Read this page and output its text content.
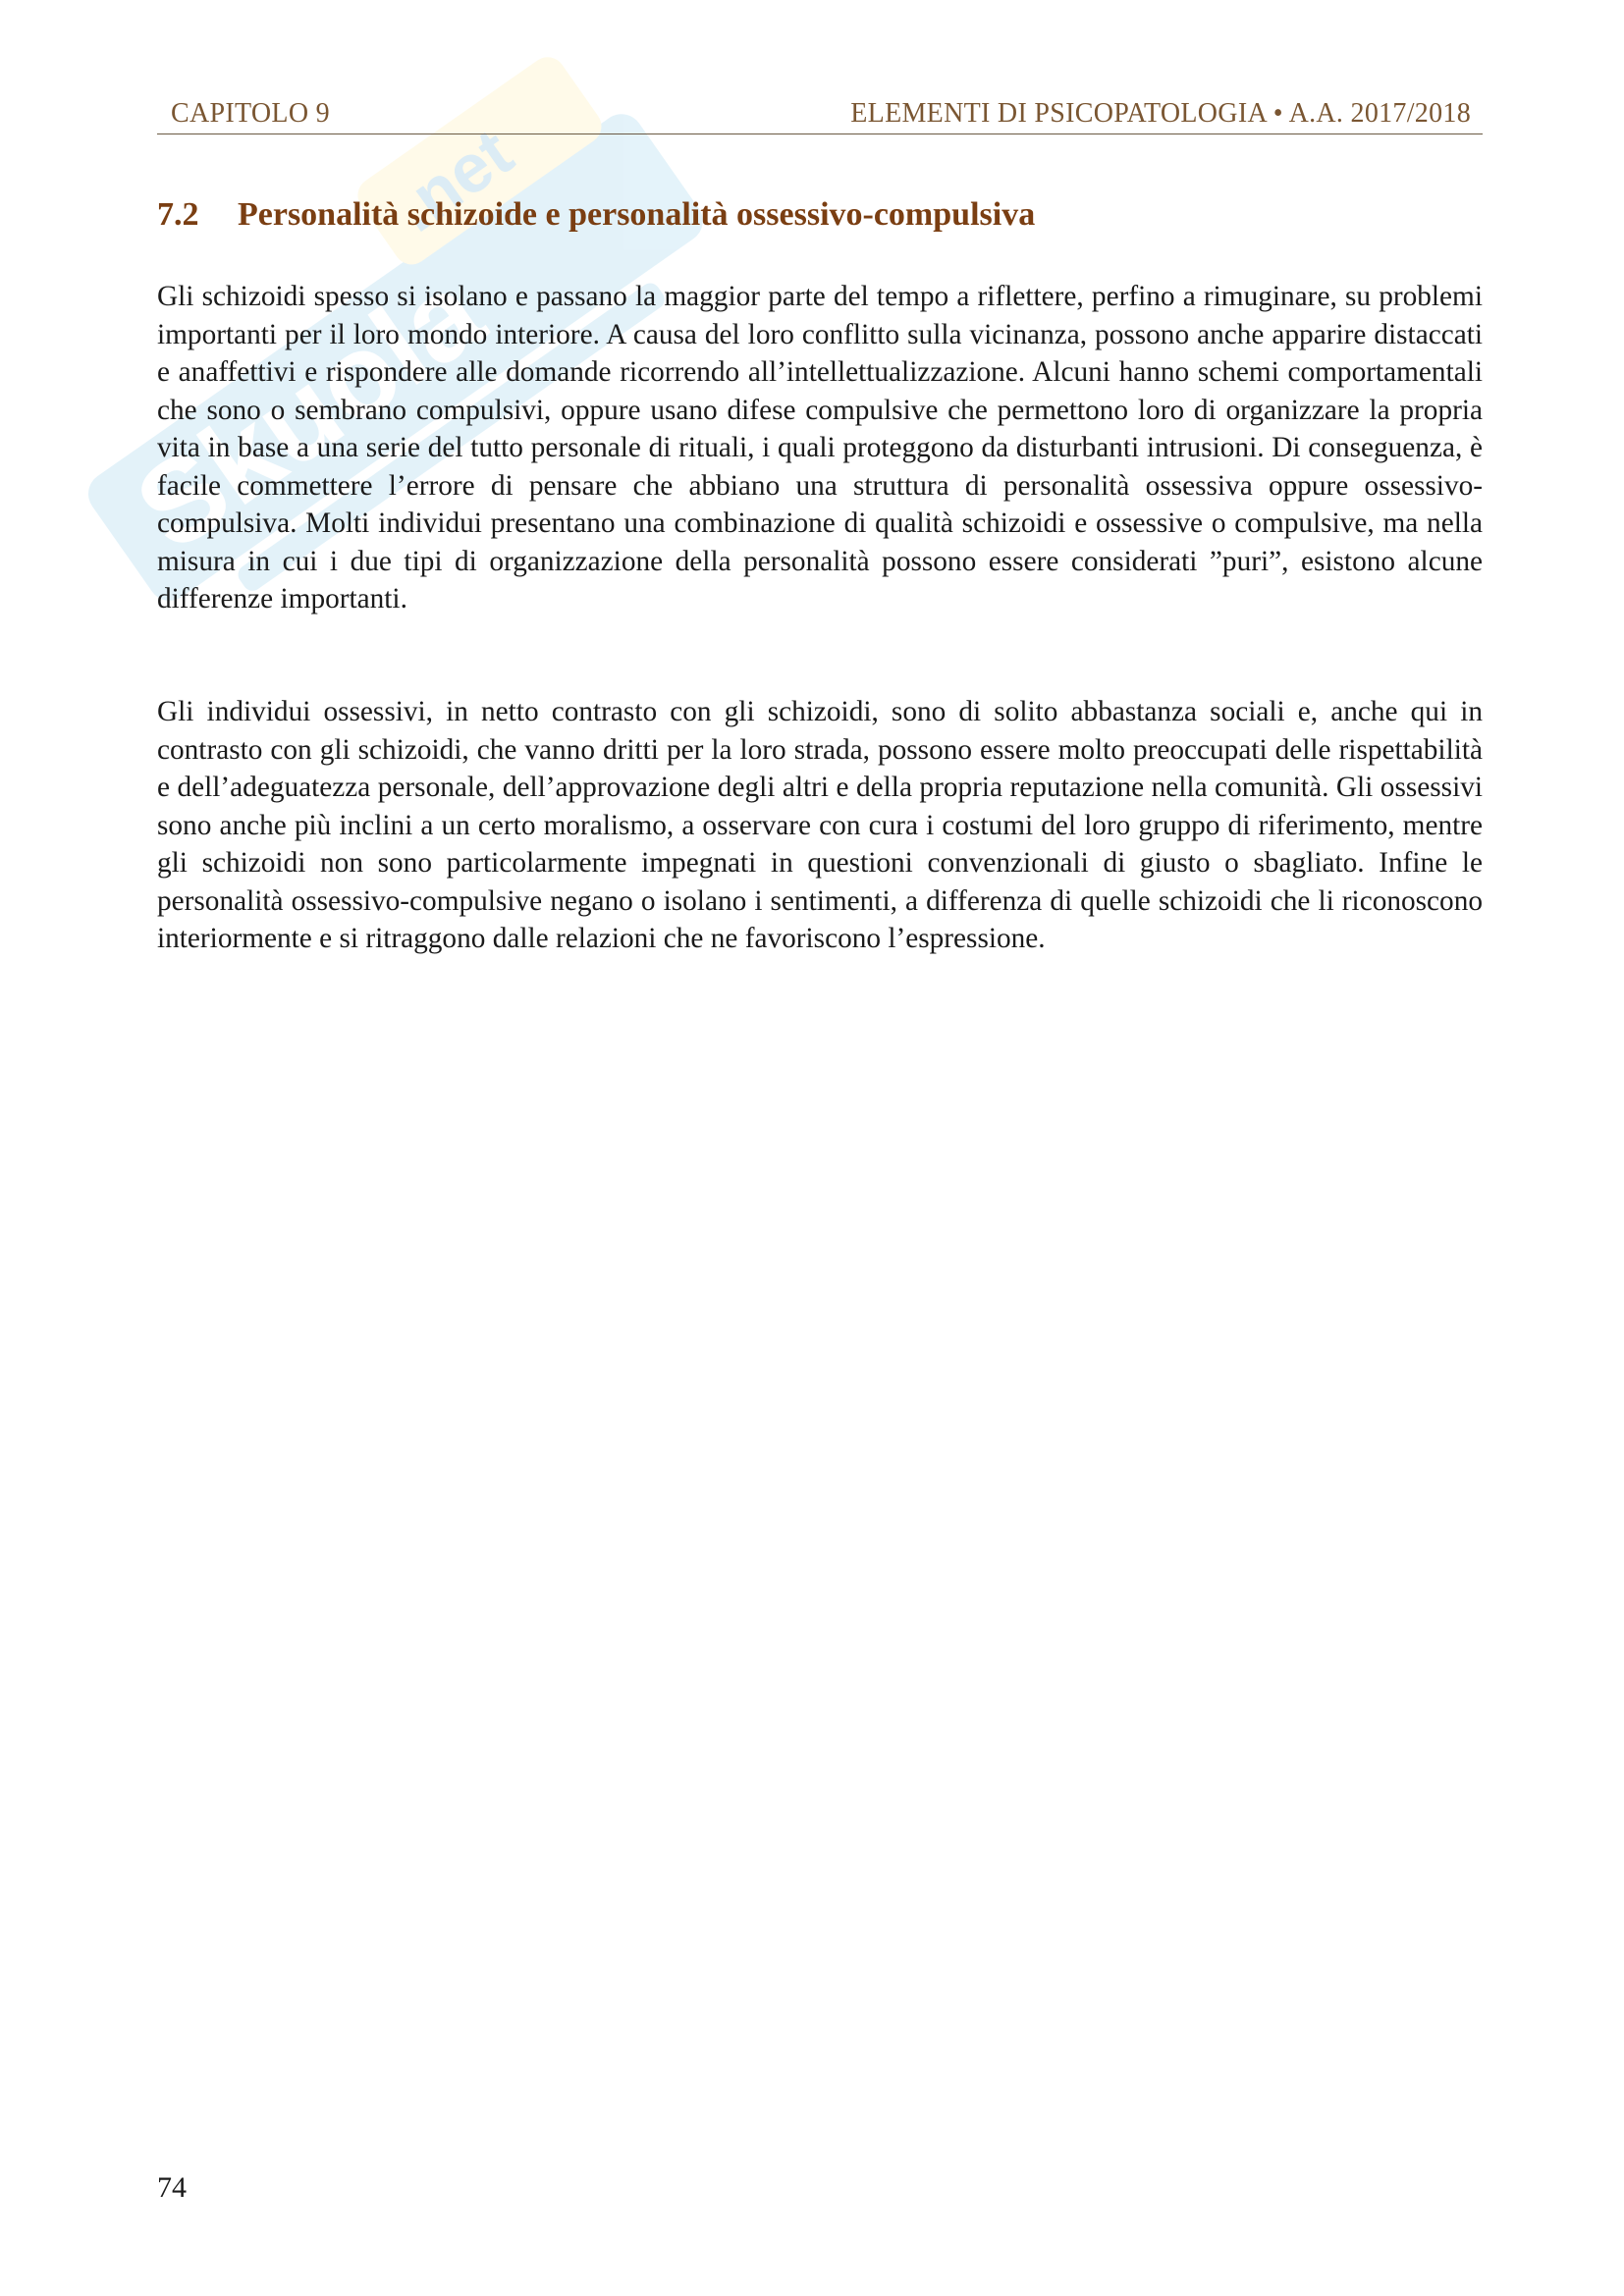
Skuola
.net
CAPITOLO 9	ELEMENTI DI PSICOPATOLOGIA • A.A. 2017/2018
7.2 Personalità schizoide e personalità ossessivo-compulsiva

Gli schizoidi spesso si isolano e passano la maggior parte del tempo a riflettere, perfino a rimuginare, su problemi importanti per il loro mondo interiore. A causa del loro conflitto sulla vicinanza, possono anche apparire distaccati e anaffettivi e rispondere alle domande ricorrendo all’intellettualizzazione. Alcuni hanno schemi comportamentali che sono o sembrano compulsivi, oppure usano difese compulsive che permettono loro di organizzare la propria vita in base a una serie del tutto personale di rituali, i quali proteggono da disturbanti intrusioni. Di conseguenza, è facile commettere l’errore di pensare che abbiano una struttura di personalità ossessiva oppure ossessivo-compulsiva. Molti individui presentano una combinazione di qualità schizoidi e ossessive o compulsive, ma nella misura in cui i due tipi di organizzazione della personalità possono essere considerati ”puri”, esistono alcune differenze importanti.

Gli individui ossessivi, in netto contrasto con gli schizoidi, sono di solito abbastanza sociali e, anche qui in contrasto con gli schizoidi, che vanno dritti per la loro strada, possono essere molto preoccupati delle rispettabilità e dell’adeguatezza personale, dell’approvazione degli altri e della propria reputazione nella comunità. Gli ossessivi sono anche più inclini a un certo moralismo, a osservare con cura i costumi del loro gruppo di riferimento, mentre gli schizoidi non sono particolarmente impegnati in questioni convenzionali di giusto o sbagliato. Infine le personalità ossessivo-compulsive negano o isolano i sentimenti, a differenza di quelle schizoidi che li riconoscono interiormente e si ritraggono dalle relazioni che ne favoriscono l’espressione.

74
